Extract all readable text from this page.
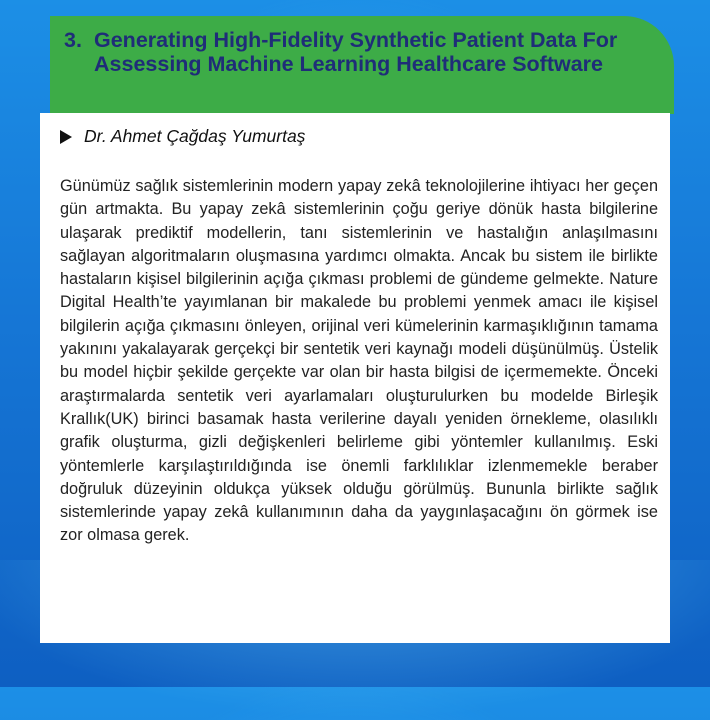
3. Generating High-Fidelity Synthetic Patient Data For Assessing Machine Learning Healthcare Software
Dr. Ahmet Çağdaş Yumurtaş
Günümüz sağlık sistemlerinin modern yapay zekâ teknolojilerine ihtiyacı her geçen gün artmakta. Bu yapay zekâ sistemlerinin çoğu geriye dönük hasta bilgilerine ulaşarak prediktif modellerin, tanı sistemlerinin ve hastalığın anlaşılmasını sağlayan algoritmaların oluşmasına yardımcı olmakta. Ancak bu sistem ile birlikte hastaların kişisel bilgilerinin açığa çıkması problemi de gündeme gelmekte. Nature Digital Health’te yayımlanan bir makalede bu problemi yenmek amacı ile kişisel bilgilerin açığa çıkmasını önleyen, orijinal veri kümelerinin karmaşıklığının tamama yakınını yakalayarak gerçekçi bir sentetik veri kaynağı modeli düşünülmüş. Üstelik bu model hiçbir şekilde gerçekte var olan bir hasta bilgisi de içermemekte. Önceki araştırmalarda sentetik veri ayarlamaları oluşturulurken bu modelde Birleşik Krallık(UK) birinci basamak hasta verilerine dayalı yeniden örnekleme, olasılıklı grafik oluşturma, gizli değişkenleri belirleme gibi yöntemler kullanılmış. Eski yöntemlerle karşılaştırıldığında ise önemli farklılıklar izlenmemekle beraber doğruluk düzeyinin oldukça yüksek olduğu görülmüş. Bununla birlikte sağlık sistemlerinde yapay zekâ kullanımının daha da yaygınlaşacağını ön görmek ise zor olmasa gerek.
